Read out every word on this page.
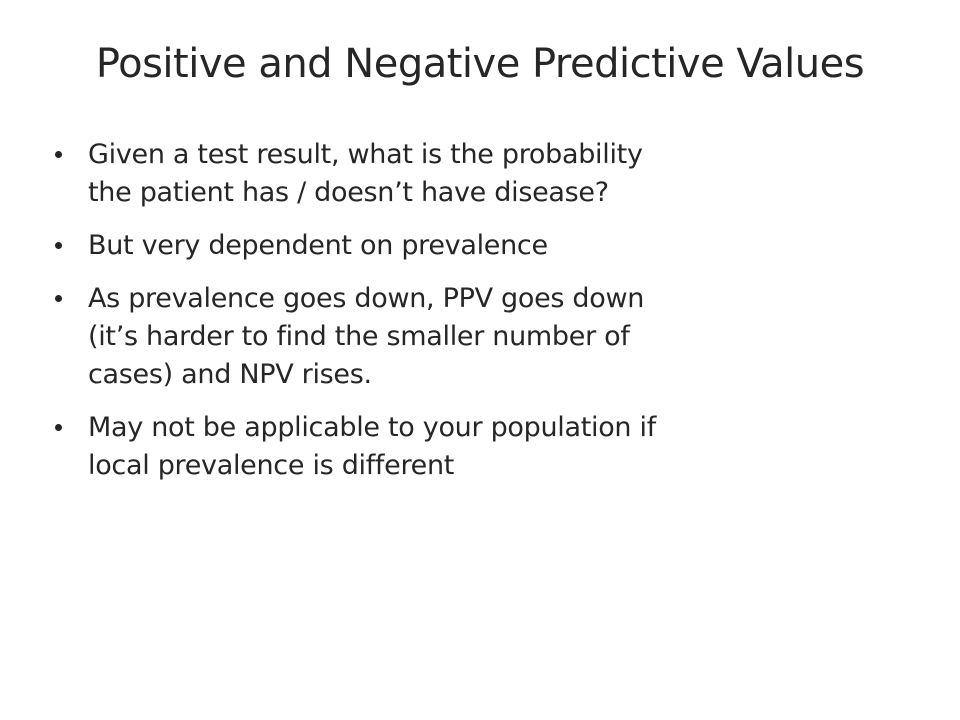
Positive and Negative Predictive Values
Given a test result, what is the probability
the patient has / doesn’t have disease?
But very dependent on prevalence
As prevalence goes down, PPV goes down
(it’s harder to find the smaller number of
cases) and NPV rises.
May not be applicable to your population if
local prevalence is different
